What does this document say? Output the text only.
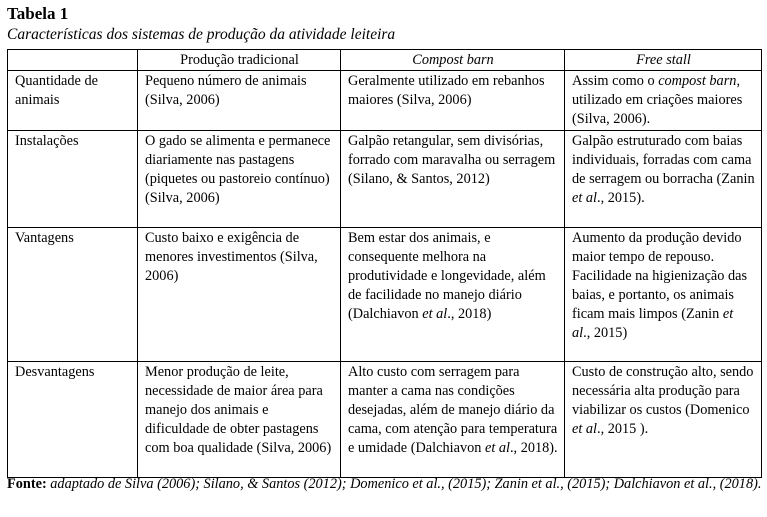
Tabela 1
Características dos sistemas de produção da atividade leiteira
	Produção tradicional	Compost barn	Free stall
Quantidade de animais	Pequeno número de animais (Silva, 2006)	Geralmente utilizado em rebanhos maiores (Silva, 2006)	Assim como o compost barn, utilizado em criações maiores (Silva, 2006).
Instalações	O gado se alimenta e permanece diariamente nas pastagens (piquetes ou pastoreio contínuo) (Silva, 2006)	Galpão retangular, sem divisórias, forrado com maravalha ou serragem (Silano, & Santos, 2012)	Galpão estruturado com baias individuais, forradas com cama de serragem ou borracha (Zanin et al., 2015).
Vantagens	Custo baixo e exigência de menores investimentos (Silva, 2006)	Bem estar dos animais, e consequente melhora na produtividade e longevidade, além de facilidade no manejo diário (Dalchiavon et al., 2018)	Aumento da produção devido maior tempo de repouso. Facilidade na higienização das baias, e portanto, os animais ficam mais limpos (Zanin et al., 2015)
Desvantagens	Menor produção de leite, necessidade de maior área para manejo dos animais e dificuldade de obter pastagens com boa qualidade (Silva, 2006)	Alto custo com serragem para manter a cama nas condições desejadas, além de manejo diário da cama, com atenção para temperatura e umidade (Dalchiavon et al., 2018).	Custo de construção alto, sendo necessária alta produção para viabilizar os custos (Domenico et al., 2015 ).
Fonte: adaptado de Silva (2006); Silano, & Santos (2012); Domenico et al., (2015); Zanin et al., (2015); Dalchiavon et al., (2018).
